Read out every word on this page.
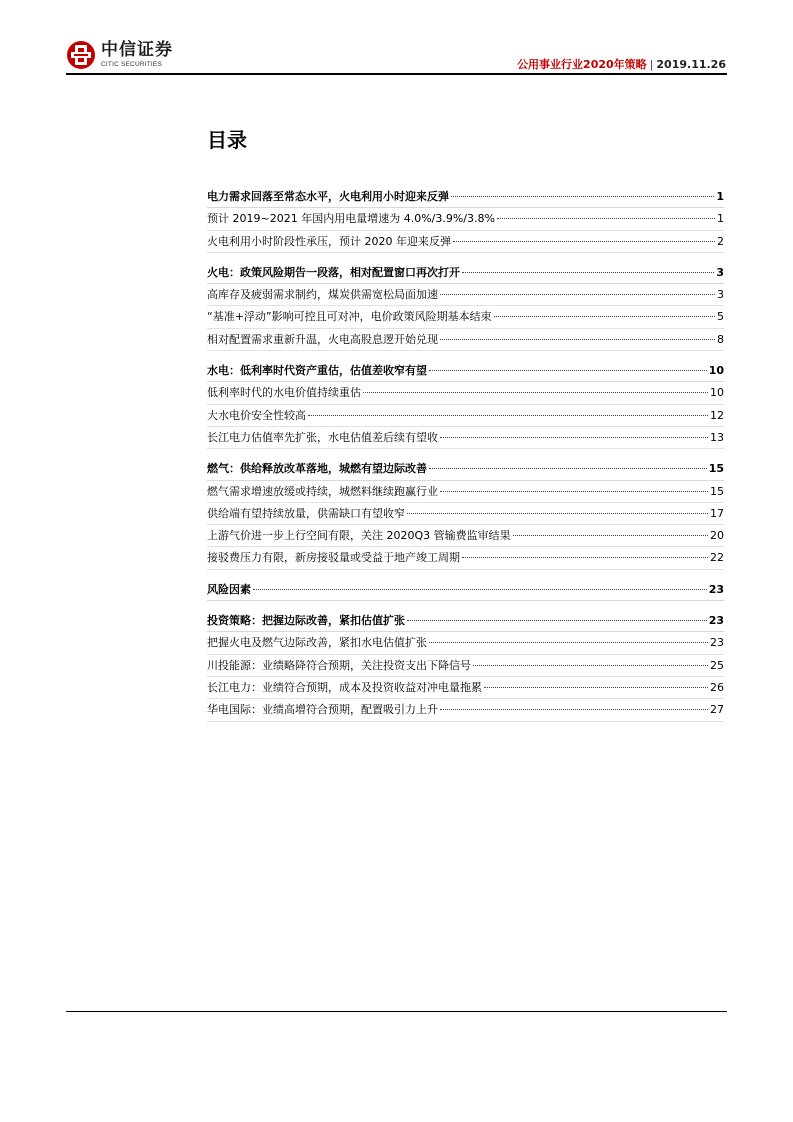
中信证券
CITIC SECURITIES	公用事业行业2020年策略 | 2019.11.26
目录
电力需求回落至常态水平，火电利用小时迎来反弹	1
预计 2019~2021 年国内用电量增速为 4.0%/3.9%/3.8%	1
火电利用小时阶段性承压，预计 2020 年迎来反弹	2
火电：政策风险期告一段落，相对配置窗口再次打开	3
高库存及疲弱需求制约，煤炭供需宽松局面加速	3
“基准+浮动”影响可控且可对冲，电价政策风险期基本结束	5
相对配置需求重新升温，火电高股息逻开始兑现	8
水电：低利率时代资产重估，估值差收窄有望	10
低利率时代的水电价值持续重估	10
大水电价安全性较高	12
长江电力估值率先扩张，水电估值差后续有望收	13
燃气：供给释放改革落地，城燃有望边际改善	15
燃气需求增速放缓或持续，城燃料继续跑赢行业	15
供给端有望持续放量，供需缺口有望收窄	17
上游气价进一步上行空间有限，关注 2020Q3 管输费监审结果	20
接驳费压力有限，新房接驳量或受益于地产竣工周期	22
风险因素	23
投资策略：把握边际改善，紧扣估值扩张	23
把握火电及燃气边际改善，紧扣水电估值扩张	23
川投能源：业绩略降符合预期，关注投资支出下降信号	25
长江电力：业绩符合预期，成本及投资收益对冲电量拖累	26
华电国际：业绩高增符合预期，配置吸引力上升	27
